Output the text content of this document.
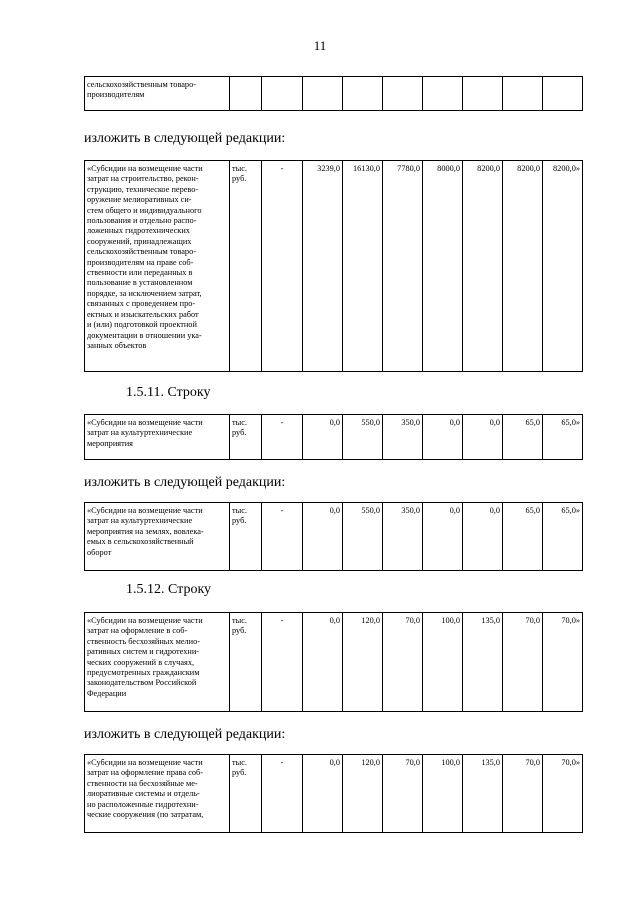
11
сельскохозяйственным товаро-
производителям

изложить в следующей редакции:
«Субсидии на возмещение части
затрат на строительство, рекон-
струкцию, техническое перево-
оружение мелиоративных си-
стем общего и индивидуального
пользования и отдельно распо-
ложенных гидротехнических
сооружений, принадлежащих
сельскохозяйственным товаро-
производителям на праве соб-
ственности или переданных в
пользование в установленном
порядке, за исключением затрат,
связанных с проведением про-
ектных и изыскательских работ
и (или) подготовкой проектной
документации в отношении ука-
занных объектов

тыс.
руб.
	-	3239,0	16130,0	7780,0	8000,0	8200,0	8200,0	8200,0»
1.5.11. Строку
«Субсидии на возмещение части
затрат на культуртехнические
мероприятия

тыс.
руб.
	-	0,0	550,0	350,0	0,0	0,0	65,0	65,0»
изложить в следующей редакции:
«Субсидии на возмещение части
затрат на культуртехнические
мероприятия на землях, вовлека-
емых в сельскохозяйственный
оборот

тыс.
руб.
	-	0,0	550,0	350,0	0,0	0,0	65,0	65,0»
1.5.12. Строку
«Субсидии на возмещение части
затрат на оформление в соб-
ственность бесхозяйных мелио-
ративных систем и гидротехни-
ческих сооружений в случаях,
предусмотренных гражданским
законодательством Российской
Федерации

тыс.
руб.
	-	0,0	120,0	70,0	100,0	135,0	70,0	70,0»
изложить в следующей редакции:
«Субсидии на возмещение части
затрат на оформление права соб-
ственности на бесхозяйные ме-
лиоративные системы и отдель-
но расположенные гидротехни-
ческие сооружения (по затратам,

тыс.
руб.
	-	0,0	120,0	70,0	100,0	135,0	70,0	70,0»
